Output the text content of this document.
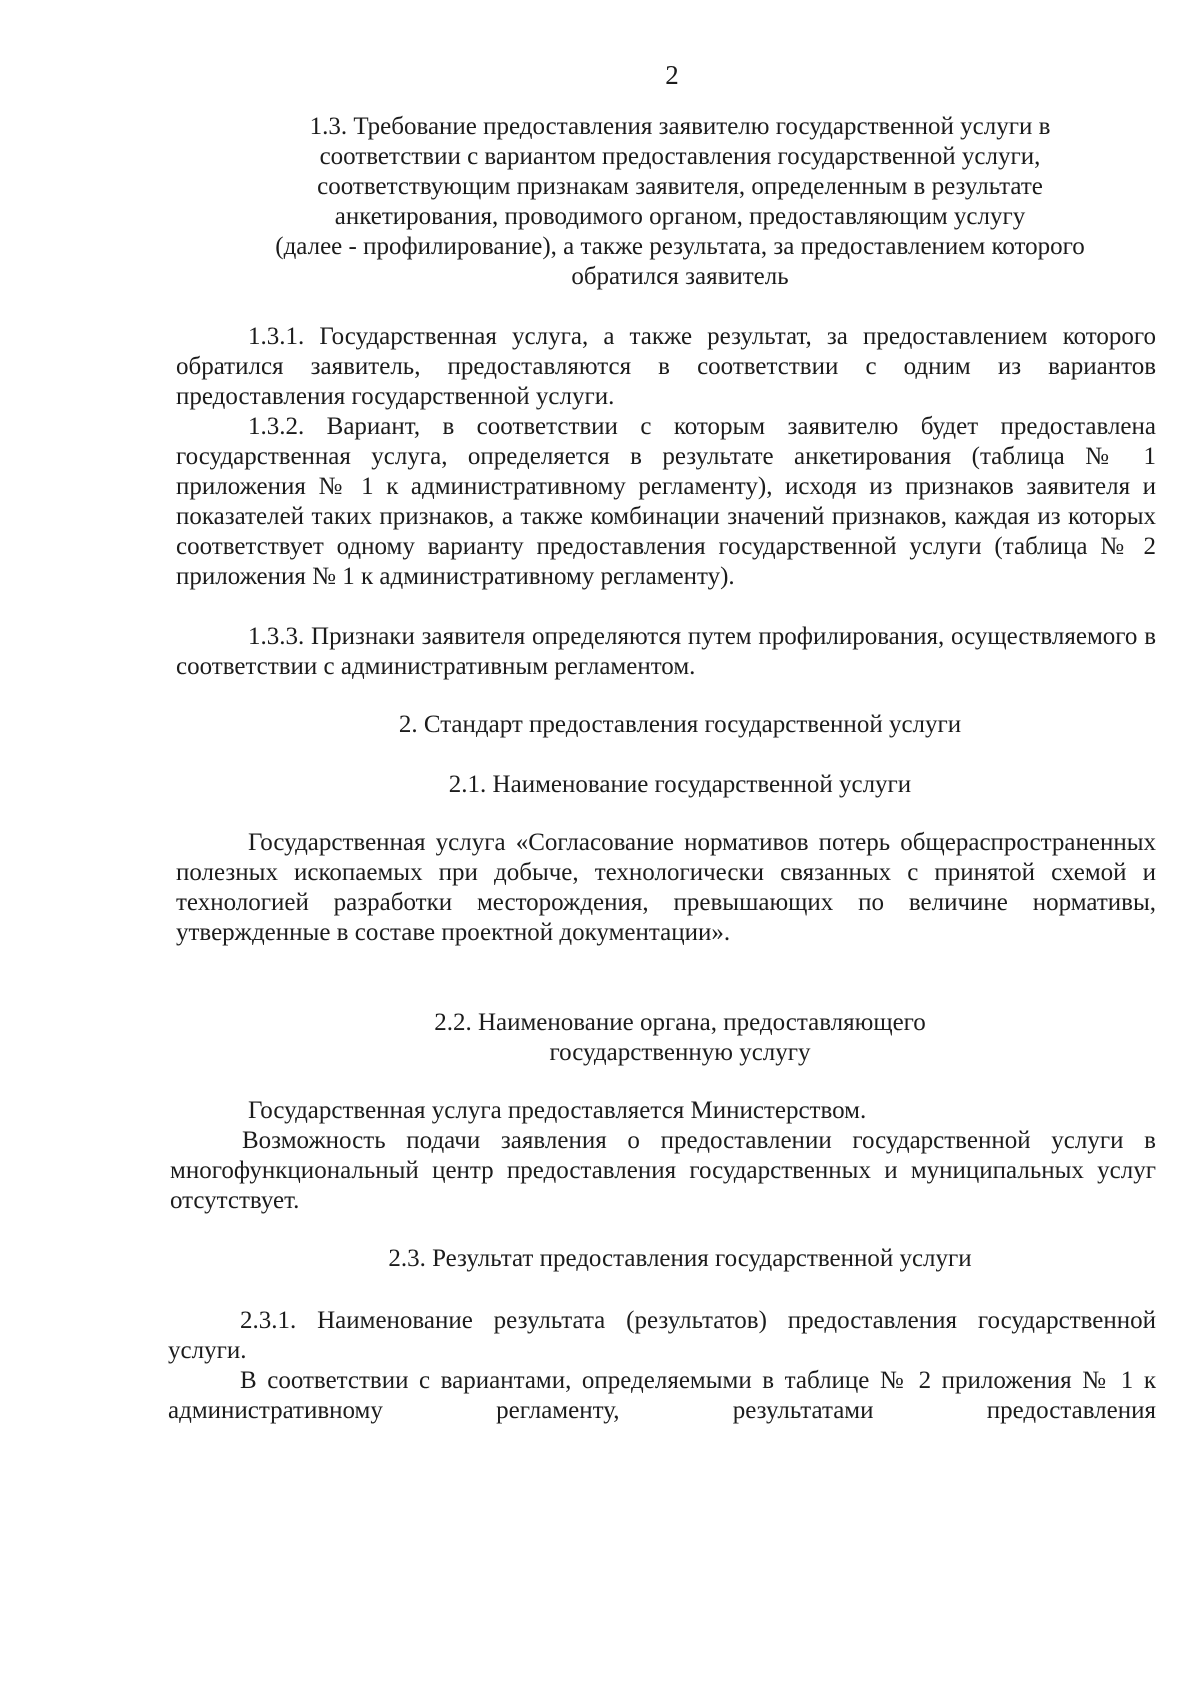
2
1.3. Требование предоставления заявителю государственной услуги в
соответствии с вариантом предоставления государственной услуги,
соответствующим признакам заявителя, определенным в результате
анкетирования, проводимого органом, предоставляющим услугу
(далее - профилирование), а также результата, за предоставлением которого
обратился заявитель
1.3.1. Государственная услуга, а также результат, за предоставлением которого обратился заявитель, предоставляются в соответствии с одним из вариантов предоставления государственной услуги.
1.3.2. Вариант, в соответствии с которым заявителю будет предоставлена государственная услуга, определяется в результате анкетирования (таблица № 1 приложения № 1 к административному регламенту), исходя из признаков заявителя и показателей таких признаков, а также комбинации значений признаков, каждая из которых соответствует одному варианту предоставления государственной услуги (таблица № 2 приложения № 1 к административному регламенту).
1.3.3. Признаки заявителя определяются путем профилирования, осуществляемого в соответствии с административным регламентом.
2. Стандарт предоставления государственной услуги
2.1. Наименование государственной услуги
Государственная услуга «Согласование нормативов потерь общераспространенных полезных ископаемых при добыче, технологически связанных с принятой схемой и технологией разработки месторождения, превышающих по величине нормативы, утвержденные в составе проектной документации».
2.2. Наименование органа, предоставляющего
государственную услугу
Государственная услуга предоставляется Министерством.
Возможность подачи заявления о предоставлении государственной услуги в многофункциональный центр предоставления государственных и муниципальных услуг отсутствует.
2.3. Результат предоставления государственной услуги
2.3.1. Наименование результата (результатов) предоставления государственной услуги.
В соответствии с вариантами, определяемыми в таблице № 2 приложения № 1 к административному регламенту, результатами предоставления
